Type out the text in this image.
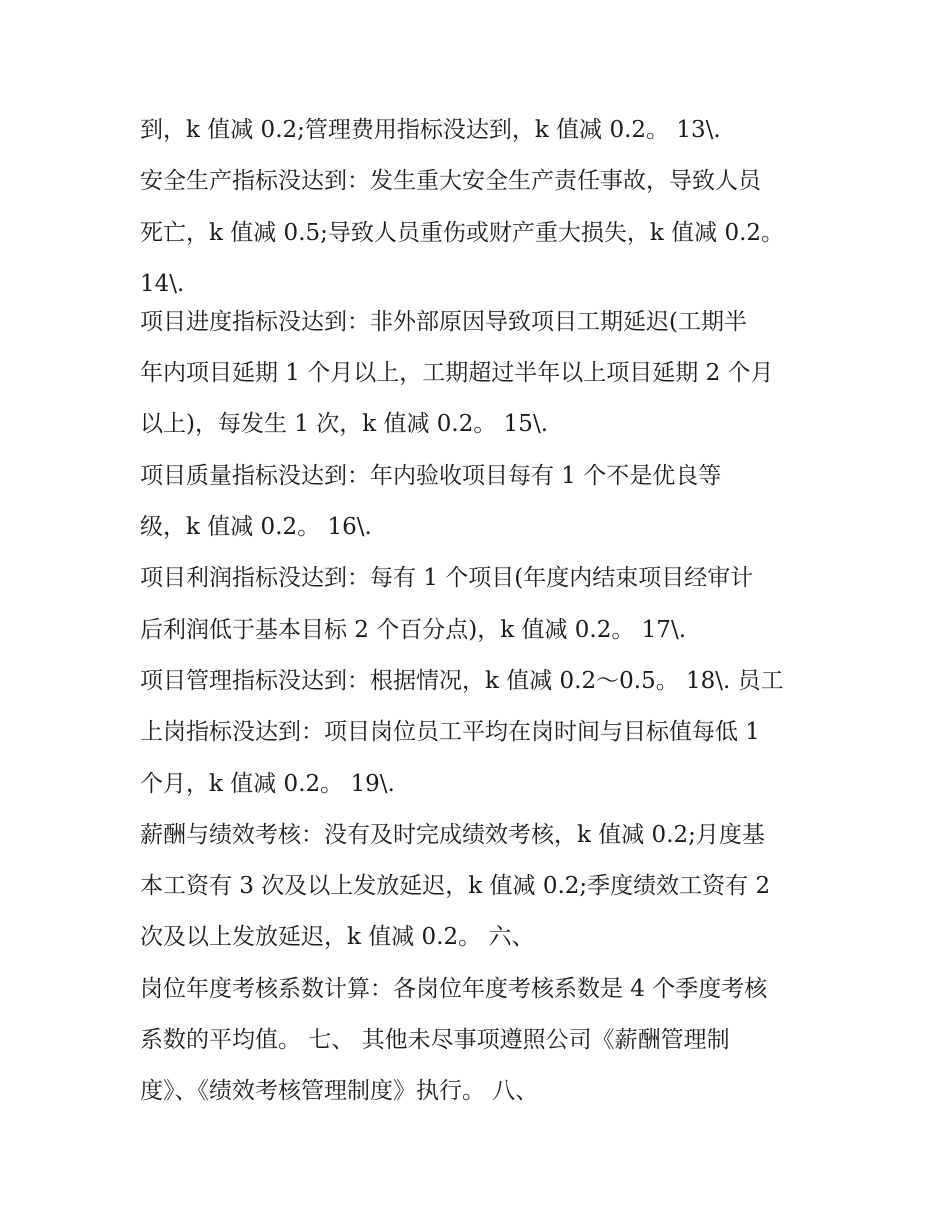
到，k 值减 0.2;管理费用指标没达到，k 值减 0.2。 13\.
安全生产指标没达到：发生重大安全生产责任事故，导致人员
死亡，k 值减 0.5;导致人员重伤或财产重大损失，k 值减 0.2。
14\.
项目进度指标没达到：非外部原因导致项目工期延迟(工期半
年内项目延期 1 个月以上，工期超过半年以上项目延期 2 个月
以上)，每发生 1 次，k 值减 0.2。 15\.
项目质量指标没达到：年内验收项目每有 1 个不是优良等
级，k 值减 0.2。 16\.
项目利润指标没达到：每有 1 个项目(年度内结束项目经审计
后利润低于基本目标 2 个百分点)，k 值减 0.2。 17\.
项目管理指标没达到：根据情况，k 值减 0.2～0.5。 18\. 员工
上岗指标没达到：项目岗位员工平均在岗时间与目标值每低 1
个月，k 值减 0.2。 19\.
薪酬与绩效考核：没有及时完成绩效考核，k 值减 0.2;月度基
本工资有 3 次及以上发放延迟，k 值减 0.2;季度绩效工资有 2
次及以上发放延迟，k 值减 0.2。 六、
岗位年度考核系数计算：各岗位年度考核系数是 4 个季度考核
系数的平均值。 七、 其他未尽事项遵照公司《薪酬管理制
度》、《绩效考核管理制度》执行。 八、
